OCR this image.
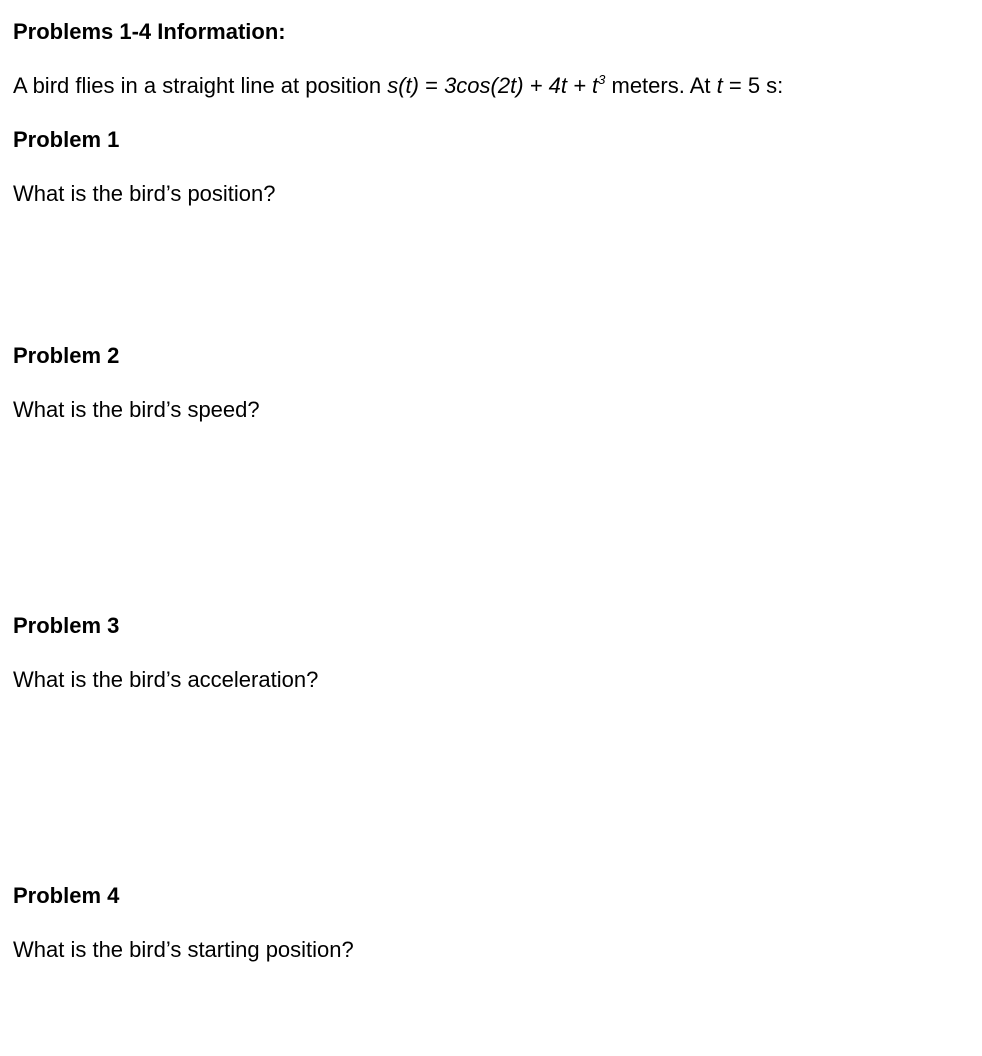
Problems 1-4 Information:
A bird flies in a straight line at position $s(t) = 3\cos(2t) + 4t + t^3$ meters. At t = 5 s:
Problem 1
What is the bird’s position?
Problem 2
What is the bird’s speed?
Problem 3
What is the bird’s acceleration?
Problem 4
What is the bird’s starting position?
